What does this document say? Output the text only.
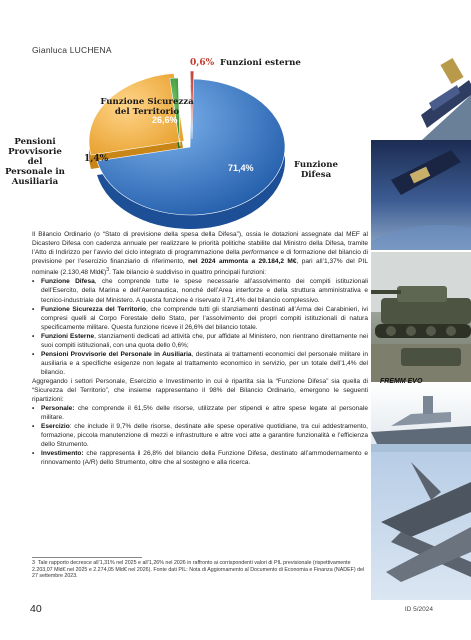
Gianluca LUCHENA
Funzione Sicurezza del Territorio
26,6%
Pensioni
Provvisorie
del
Personale in
Ausiliaria
1,4%
71,4%	Funzione
Difesa
0,6% Funzioni esterne
FREMM EVO

Il Bilancio Ordinario (o “Stato di previsione della spesa della Difesa”), ossia le dotazioni assegnate dal MEF al Dicastero Difesa con cadenza annuale per realizzare le priorità politiche stabilite dal Ministro della Difesa, tramite l’Atto di Indirizzo per l’avvio del ciclo integrato di programmazione della performance e di formazione del bilancio di previsione per l’esercizio finanziario di riferimento, nel 2024 ammonta a 29.184,2 M€, pari all’1,37% del PIL nominale (2.130,48 Mld€)$^3$. Tale bilancio è suddiviso in quattro principali funzioni:

• Funzione Difesa, che comprende tutte le spese necessarie all’assolvimento dei compiti istituzionali dell’Esercito, della Marina e dell’Aeronautica, nonché dell’Area interforze e della struttura amministrativa e tecnico-industriale del Ministero. A questa funzione è riservato il 71,4% del bilancio complessivo.
• Funzione Sicurezza del Territorio, che comprende tutti gli stanziamenti destinati all’Arma dei Carabinieri, ivi compresi quelli al Corpo Forestale dello Stato, per l’assolvimento dei propri compiti istituzionali di natura specificamente militare. Questa funzione riceve il 26,6% del bilancio totale.
• Funzioni Esterne, stanziamenti dedicati ad attività che, pur affidate al Ministero, non rientrano direttamente nei suoi compiti istituzionali, con una quota dello 0,6%;
• Pensioni Provvisorie del Personale in Ausiliaria, destinata ai trattamenti economici del personale militare in ausiliaria e a specifiche esigenze non legate al trattamento economico in servizio, per un totale dell’1,4% del bilancio.

Aggregando i settori Personale, Esercizio e Investimento in cui è ripartita sia la “Funzione Difesa” sia quella di “Sicurezza del Territorio”, che insieme rappresentano il 98% del Bilancio Ordinario, emergono le seguenti ripartizioni:

• Personale: che comprende il 61,5% delle risorse, utilizzate per stipendi e altre spese legate al personale militare.
• Esercizio: che include il 9,7% delle risorse, destinate alle spese operative quotidiane, tra cui addestramento, formazione, piccola manutenzione di mezzi e infrastrutture e altre voci atte a garantire funzionalità e l’efficienza dello Strumento.
• Investimento: che rappresenta il 26,8% del bilancio della Funzione Difesa, destinato all’ammodernamento e rinnovamento (A/R) dello Strumento, oltre che al sostegno e alla ricerca.
3 Tale rapporto decresce all’1,31% nel 2025 e all’1,26% nel 2026 in raffronto ai corrispondenti valori di PIL previsionale (rispettivamente 2.203,07 Mld€ nel 2025 e 2.274,05 Mld€ nel 2026). Fonte dati PIL: Nota di Aggiornamento al Documento di Economia e Finanza (NADEF) del 27 settembre 2023.
40	ID 5/2024
